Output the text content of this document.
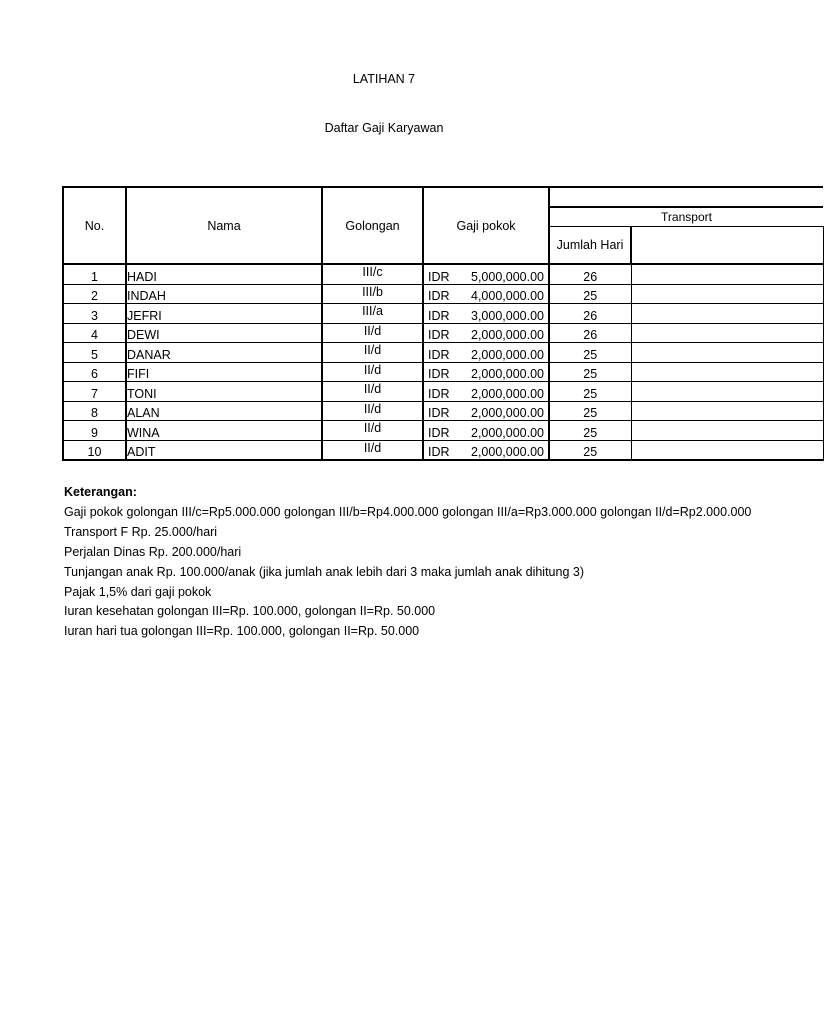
LATIHAN 7
Daftar Gaji Karyawan
No.	Nama	Golongan	Gaji pokok		
				Transport	
				Jumlah Hari	
1	HADI	III/c	IDR 5,000,000.00	26	
2	INDAH	III/b	IDR 4,000,000.00	25	
3	JEFRI	III/a	IDR 3,000,000.00	26	
4	DEWI	II/d	IDR 2,000,000.00	26	
5	DANAR	II/d	IDR 2,000,000.00	25	
6	FIFI	II/d	IDR 2,000,000.00	25	
7	TONI	II/d	IDR 2,000,000.00	25	
8	ALAN	II/d	IDR 2,000,000.00	25	
9	WINA	II/d	IDR 2,000,000.00	25	
10	ADIT	II/d	IDR 2,000,000.00	25	
Keterangan:
Gaji pokok golongan III/c=Rp5.000.000 golongan III/b=Rp4.000.000 golongan III/a=Rp3.000.000 golongan II/d=Rp2.000.000
Transport F Rp. 25.000/hari
Perjalan Dinas Rp. 200.000/hari
Tunjangan anak Rp. 100.000/anak (jika jumlah anak lebih dari 3 maka jumlah anak dihitung 3)
Pajak 1,5% dari gaji pokok
Iuran kesehatan golongan III=Rp. 100.000, golongan II=Rp. 50.000
Iuran hari tua golongan III=Rp. 100.000, golongan II=Rp. 50.000
